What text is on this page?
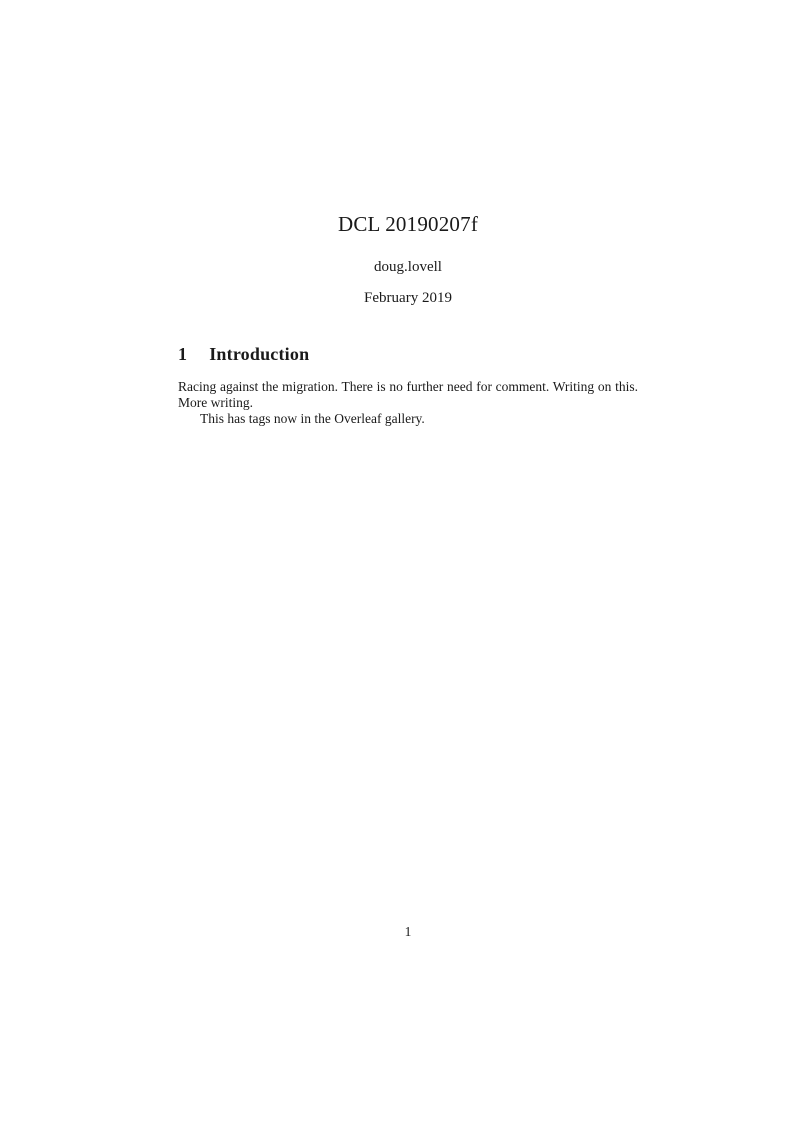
DCL 20190207f
doug.lovell
February 2019
1 Introduction

Racing against the migration. There is no further need for comment. Writing on this. More writing.

This has tags now in the Overleaf gallery.

1
